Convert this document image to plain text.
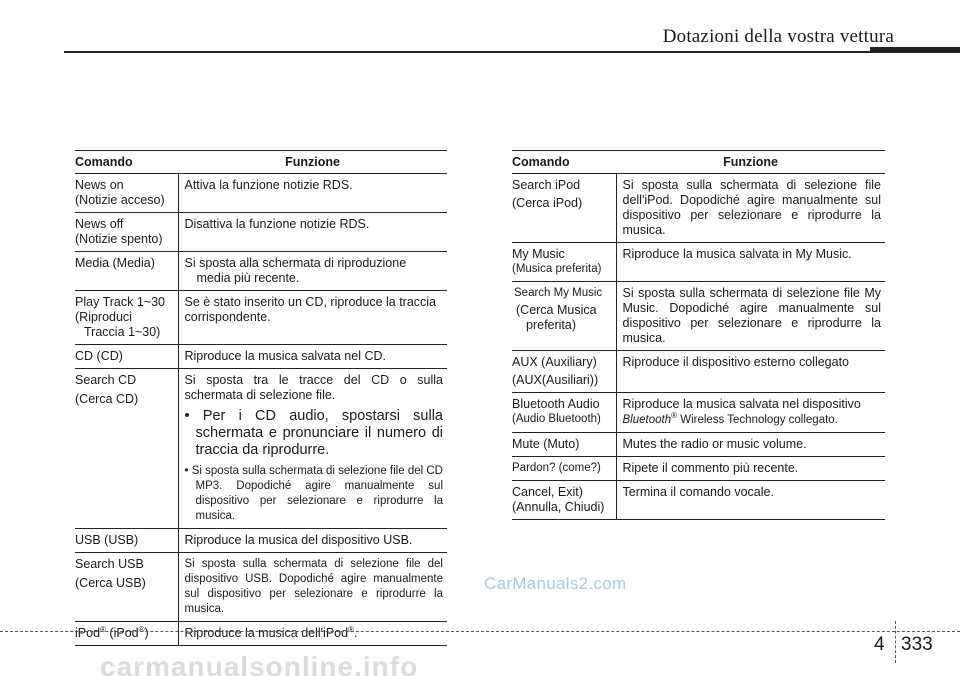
Dotazioni della vostra vettura
Comando	Funzione

News on
(Notizie acceso)	Attiva la funzione notizie RDS.

News off
(Notizie spento)	Disattiva la funzione notizie RDS.
Media (Media)	Si sposta alla schermata di riproduzione
media più recente.

Play Track 1~30
(Riproduci
Traccia 1~30)	Se è stato inserito un CD, riproduce la traccia corrispondente.
CD (CD)	Riproduce la musica salvata nel CD.

Search CD
(Cerca CD)	Si sposta tra le tracce del CD o sulla schermata di selezione file.
• Per i CD audio, spostarsi sulla schermata e pronunciare il numero di traccia da riprodurre.
• Si sposta sulla schermata di selezione file del CD MP3. Dopodiché agire manualmente sul dispositivo per selezionare e riprodurre la musica.

USB (USB)	Riproduce la musica del dispositivo USB.

Search USB
(Cerca USB)	Si sposta sulla schermata di selezione file del dispositivo USB. Dopodiché agire manualmente sul dispositivo per selezionare e riprodurre la musica.
iPod® (iPod®)	Riproduce la musica dell'iPod®.
Comando	Funzione

Search iPod
(Cerca iPod)	Si sposta sulla schermata di selezione file dell'iPod. Dopodiché agire manualmente sul dispositivo per selezionare e riprodurre la musica.

My Music
(Musica preferita)	Riproduce la musica salvata in My Music.

Search My Music
(Cerca Musica
preferita)	Si sposta sulla schermata di selezione file My Music. Dopodiché agire manualmente sul dispositivo per selezionare e riprodurre la musica.

AUX (Auxiliary)
(AUX(Ausiliari))	Riproduce il dispositivo esterno collegato

Bluetooth Audio
(Audio Bluetooth)	Riproduce la musica salvata nel dispositivo Bluetooth® Wireless Technology collegato.
Mute (Muto)	Mutes the radio or music volume.
Pardon? (come?)	Ripete il commento più recente.

Cancel, Exit)
(Annulla, Chiudi)	Termina il comando vocale.
CarManuals2.com
4 333
carmanualsonline.info
